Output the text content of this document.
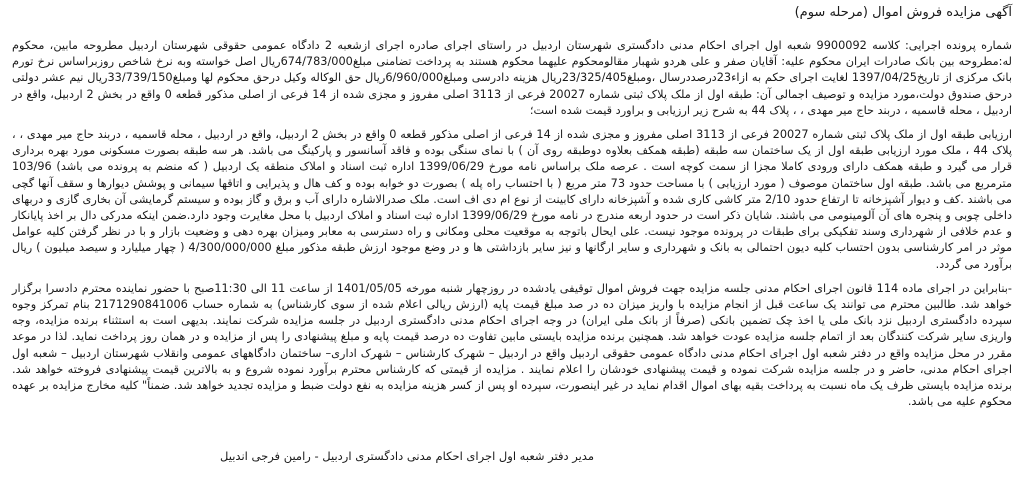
آگهی مزایده فروش اموال (مرحله سوم)

شماره پرونده اجرایی: کلاسه 9900092 شعبه اول اجرای احکام مدنی دادگستری شهرستان اردبیل در راستای اجرای صادره اجرای ازشعبه 2 دادگاه عمومی حقوقی شهرستان اردبیل مطروحه مابین، محکوم له:مطروحه بین بانک صادرات ایران محکوم علیه: آقایان صفر و علی هردو شهبار مقالومحکوم علیهما محکوم هستند به پرداخت تضامنی مبلغ674/783/000ریال اصل خواسته وبه نرخ شاخص روزبراساس نرخ تورم بانک مرکزی از تاریخ1397/04/25 لغایت اجرای حکم به ازاء23درصددرسال ،ومبلغ23/325/405ریال هزینه دادرسی ومبلغ6/960/000ریال حق الوکاله وکیل درحق محکوم لها ومبلغ33/739/150ریال نیم عشر دولتی درحق صندوق دولت،مورد مزایده و توصیف اجمالی آن: طبقه اول از ملک پلاک ثبتی شماره 20027 فرعی از 3113 اصلی مفروز و مجزی شده از 14 فرعی از اصلی مذکور قطعه 0 واقع در بخش 2 اردبیل، واقع در اردبیل ، محله قاسمیه ، دربند حاج میر مهدی ، ، پلاک 44 به شرح زیر ارزیابی و براورد قیمت شده است؛

ارزیابی طبقه اول از ملک پلاک ثبتی شماره 20027 فرعی از 3113 اصلی مفروز و مجزی شده از 14 فرعی از اصلی مذکور قطعه 0 واقع در بخش 2 اردبیل، واقع در اردبیل ، محله قاسمیه ، دربند حاج میر مهدی ، ، پلاک 44 ، ملک مورد ارزیابی طبقه اول از یک ساختمان سه طبقه (طبقه همکف بعلاوه دوطبقه روی آن ) با نمای سنگی بوده و فاقد آسانسور و پارکینگ می باشد. هر سه طبقه بصورت مسکونی مورد بهره برداری قرار می گیرد و طبقه همکف دارای ورودی کاملا مجزا از سمت کوچه است . عرصه ملک براساس نامه مورخ 1399/06/29 اداره ثبت اسناد و املاک منطقه یک اردبیل ( که منضم به پرونده می باشد) 103/96 مترمربع می باشد. طبقه اول ساختمان موصوف ( مورد ارزیابی ) با مساحت حدود 73 متر مربع ( با احتساب راه پله ) بصورت دو خوابه بوده و کف هال و پذیرایی و اتاقها سیمانی و پوشش دیوارها و سقف آنها گچی می باشند .کف و دیوار آشپزخانه تا ارتفاع حدود 2/10 متر کاشی کاری شده و آشپزخانه دارای کابینت از نوع ام دی اف است. ملک صدرالاشاره دارای آب و برق و گاز بوده و سیستم گرمایشی آن بخاری گازی و دربهای داخلی چوبی و پنجره های آن آلومینومی می باشند. شایان ذکر است در حدود اربعه مندرج در نامه مورخ 1399/06/29 اداره ثبت اسناد و املاک اردبیل با محل مغایرت وجود دارد.ضمن اینکه مدرکی دال بر اخذ پایانکار و عدم خلافی از شهرداری وسند تفکیکی برای طبقات در پرونده موجود نیست. علی ایحال باتوجه به موقعیت محلی ومکانی و راه دسترسی به معابر ومیزان بهره دهی و وضعیت بازار و با در نظر گرفتن کلیه عوامل موثر در امر کارشناسی بدون احتساب کلیه دیون احتمالی به بانک و شهرداری و سایر ارگانها و نیز سایر بازداشتی ها و در وضع موجود ارزش طبقه مذکور مبلغ 4/300/000/000 ( چهار میلیارد و سیصد میلیون ) ریال برآورد می گردد.

-بنابراین در اجرای ماده 114 قانون اجرای احکام مدنی جلسه مزایده جهت فروش اموال توقیفی یادشده در روزچهار شنبه مورخه 1401/05/05 از ساعت 11 الی 11:30صبح با حضور نماینده محترم دادسرا برگزار خواهد شد. طالبین محترم می توانند یک ساعت قبل از انجام مزایده با واریز میزان ده در صد مبلغ قیمت پایه (ارزش ریالی اعلام شده از سوی کارشناس) به شماره حساب 2171290841006 بنام تمرکز وجوه سپرده دادگستری اردبیل نزد بانک ملی یا اخذ چک تضمین بانکی (صرفاً از بانک ملی ایران) در وجه اجرای احکام مدنی دادگستری اردبیل در جلسه مزایده شرکت نمایند. بدیهی است به استثناء برنده مزایده، وجه واریزی سایر شرکت کنندگان بعد از اتمام جلسه مزایده عودت خواهد شد. همچنین برنده مزایده بایستی مابین تفاوت ده درصد قیمت پایه و مبلغ پیشنهادی را پس از مزایده و در همان روز پرداخت نماید. لذا در موعد مقرر در محل مزایده واقع در دفتر شعبه اول اجرای احکام مدنی دادگاه عمومی حقوقی اردبیل واقع در اردبیل – شهرک کارشناس – شهرک اداری– ساختمان دادگاههای عمومی وانقلاب شهرستان اردبیل – شعبه اول اجرای احکام مدنی، حاضر و در جلسه مزایده شرکت نموده و قیمت پیشنهادی خودشان را اعلام نمایند . مزایده از قیمتی که کارشناس محترم برآورد نموده شروع و به بالاترین قیمت پیشنهادی فروخته خواهد شد. برنده مزایده بایستی ظرف یک ماه نسبت به پرداخت بقیه بهای اموال اقدام نماید در غیر اینصورت، سپرده او پس از کسر هزینه مزایده به نفع دولت ضبط و مزایده تجدید خواهد شد. ضمناً" کلیه مخارج مزایده بر عهده محکوم علیه می باشد.

مدیر دفتر شعبه اول اجرای احکام مدنی دادگستری اردبیل - رامین فرجی اندبیل
